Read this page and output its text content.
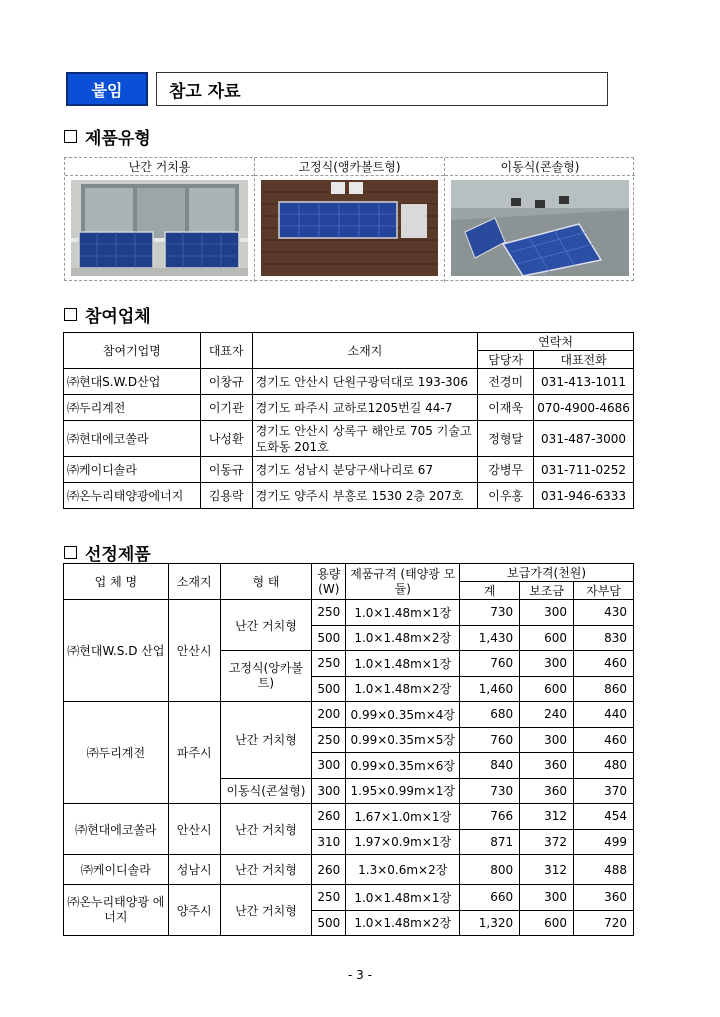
붙임	참고 자료
제품유형
난간 거치용	고정식(앵카볼트형)	이동식(콘솔형)
참여업체
참여기업명	대표자	소재지	연락처	
			담당자	대표전화
㈜현대S.W.D산업	이창규	경기도 안산시 단원구광덕대로 193-306	전경미	031-413-1011
㈜두리계전	이기관	경기도 파주시 교하로1205번길 44-7	이재욱	070-4900-4686
㈜현대에코쏠라	나성환	경기도 안산시 상록구 해안로 705 기술고도화동 201호	정형달	031-487-3000
㈜케이디솔라	이동규	경기도 성남시 분당구새나리로 67	강병무	031-711-0252
㈜온누리태양광에너지	김용락	경기도 양주시 부흥로 1530 2층 207호	이우홍	031-946-6333
선정제품
업 체 명	소재지	형 태	용량 (W)	제품규격 (태양광 모듈)	보급가격(천원)		
					계	보조금	자부담
㈜현대W.S.D 산업	안산시	난간 거치형	250	1.0×1.48m×1장	730	300	430
			500	1.0×1.48m×2장	1,430	600	830
		고정식(앙카볼트)	250	1.0×1.48m×1장	760	300	460
			500	1.0×1.48m×2장	1,460	600	860
㈜두리계전	파주시	난간 거치형	200	0.99×0.35m×4장	680	240	440
			250	0.99×0.35m×5장	760	300	460
			300	0.99×0.35m×6장	840	360	480
		이동식(콘설형)	300	1.95×0.99m×1장	730	360	370
㈜현대에코쏠라	안산시	난간 거치형	260	1.67×1.0m×1장	766	312	454
			310	1.97×0.9m×1장	871	372	499
㈜케이디솔라	성남시	난간 거치형	260	1.3×0.6m×2장	800	312	488
㈜온누리태양광 에너지	양주시	난간 거치형	250	1.0×1.48m×1장	660	300	360
			500	1.0×1.48m×2장	1,320	600	720
- 3 -
